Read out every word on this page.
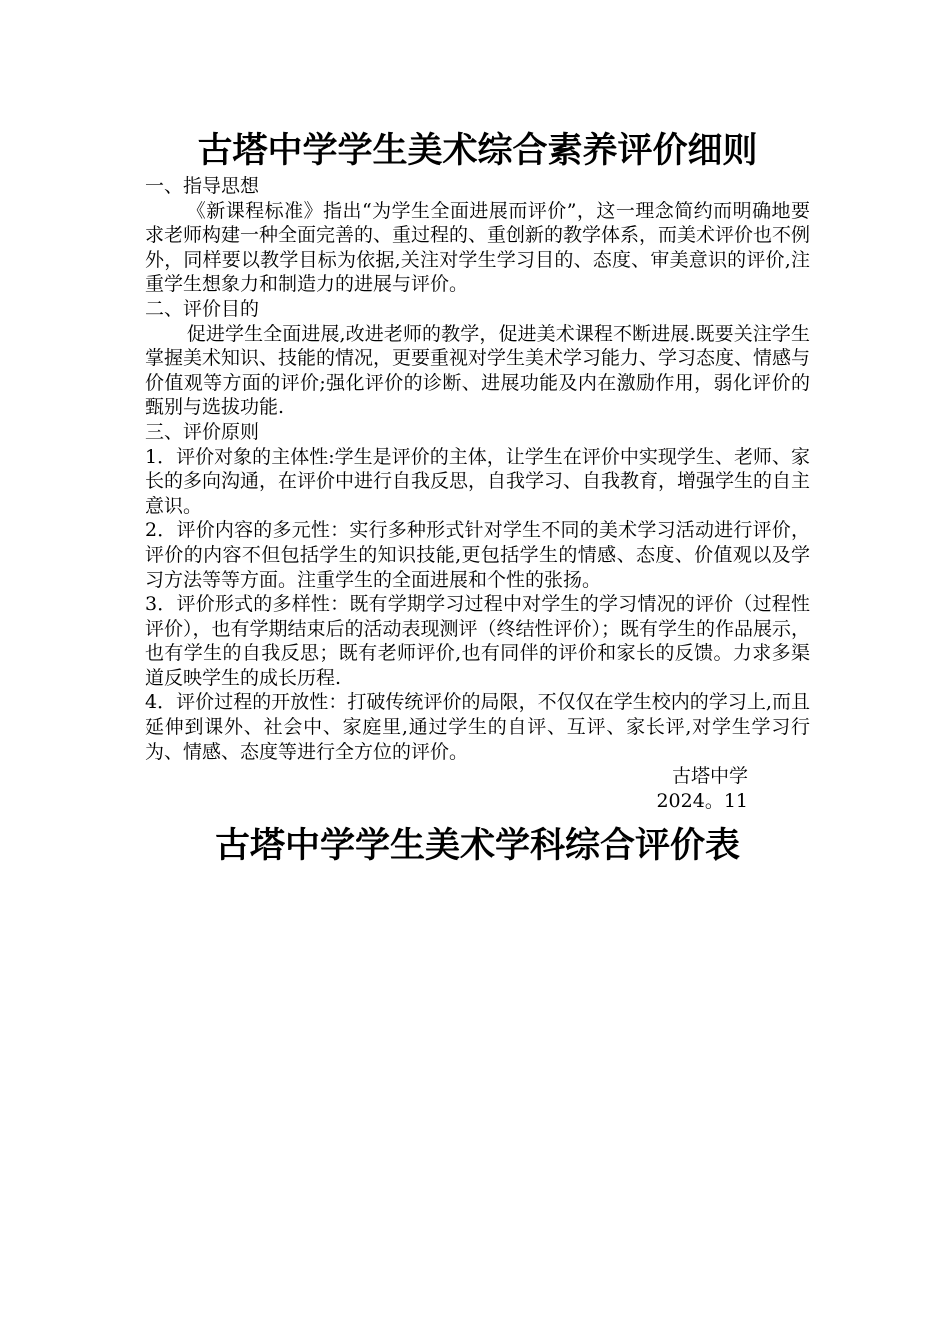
古塔中学学生美术综合素养评价细则

一、指导思想

《新课程标准》指出“为学生全面进展而评价”，这一理念简约而明确地要求老师构建一种全面完善的、重过程的、重创新的教学体系，而美术评价也不例外，同样要以教学目标为依据,关注对学生学习目的、态度、审美意识的评价,注重学生想象力和制造力的进展与评价。

二、评价目的

促进学生全面进展,改进老师的教学，促进美术课程不断进展.既要关注学生掌握美术知识、技能的情况，更要重视对学生美术学习能力、学习态度、情感与价值观等方面的评价;强化评价的诊断、进展功能及内在激励作用，弱化评价的甄别与选拔功能.

三、评价原则

1．评价对象的主体性:学生是评价的主体，让学生在评价中实现学生、老师、家长的多向沟通，在评价中进行自我反思，自我学习、自我教育，增强学生的自主意识。

2．评价内容的多元性：实行多种形式针对学生不同的美术学习活动进行评价，评价的内容不但包括学生的知识技能,更包括学生的情感、态度、价值观以及学习方法等等方面。注重学生的全面进展和个性的张扬。

3．评价形式的多样性：既有学期学习过程中对学生的学习情况的评价（过程性评价），也有学期结束后的活动表现测评（终结性评价）；既有学生的作品展示，也有学生的自我反思；既有老师评价,也有同伴的评价和家长的反馈。力求多渠道反映学生的成长历程.

4．评价过程的开放性：打破传统评价的局限，不仅仅在学生校内的学习上,而且延伸到课外、社会中、家庭里,通过学生的自评、互评、家长评,对学生学习行为、情感、态度等进行全方位的评价。

古塔中学

2024。11

古塔中学学生美术学科综合评价表
